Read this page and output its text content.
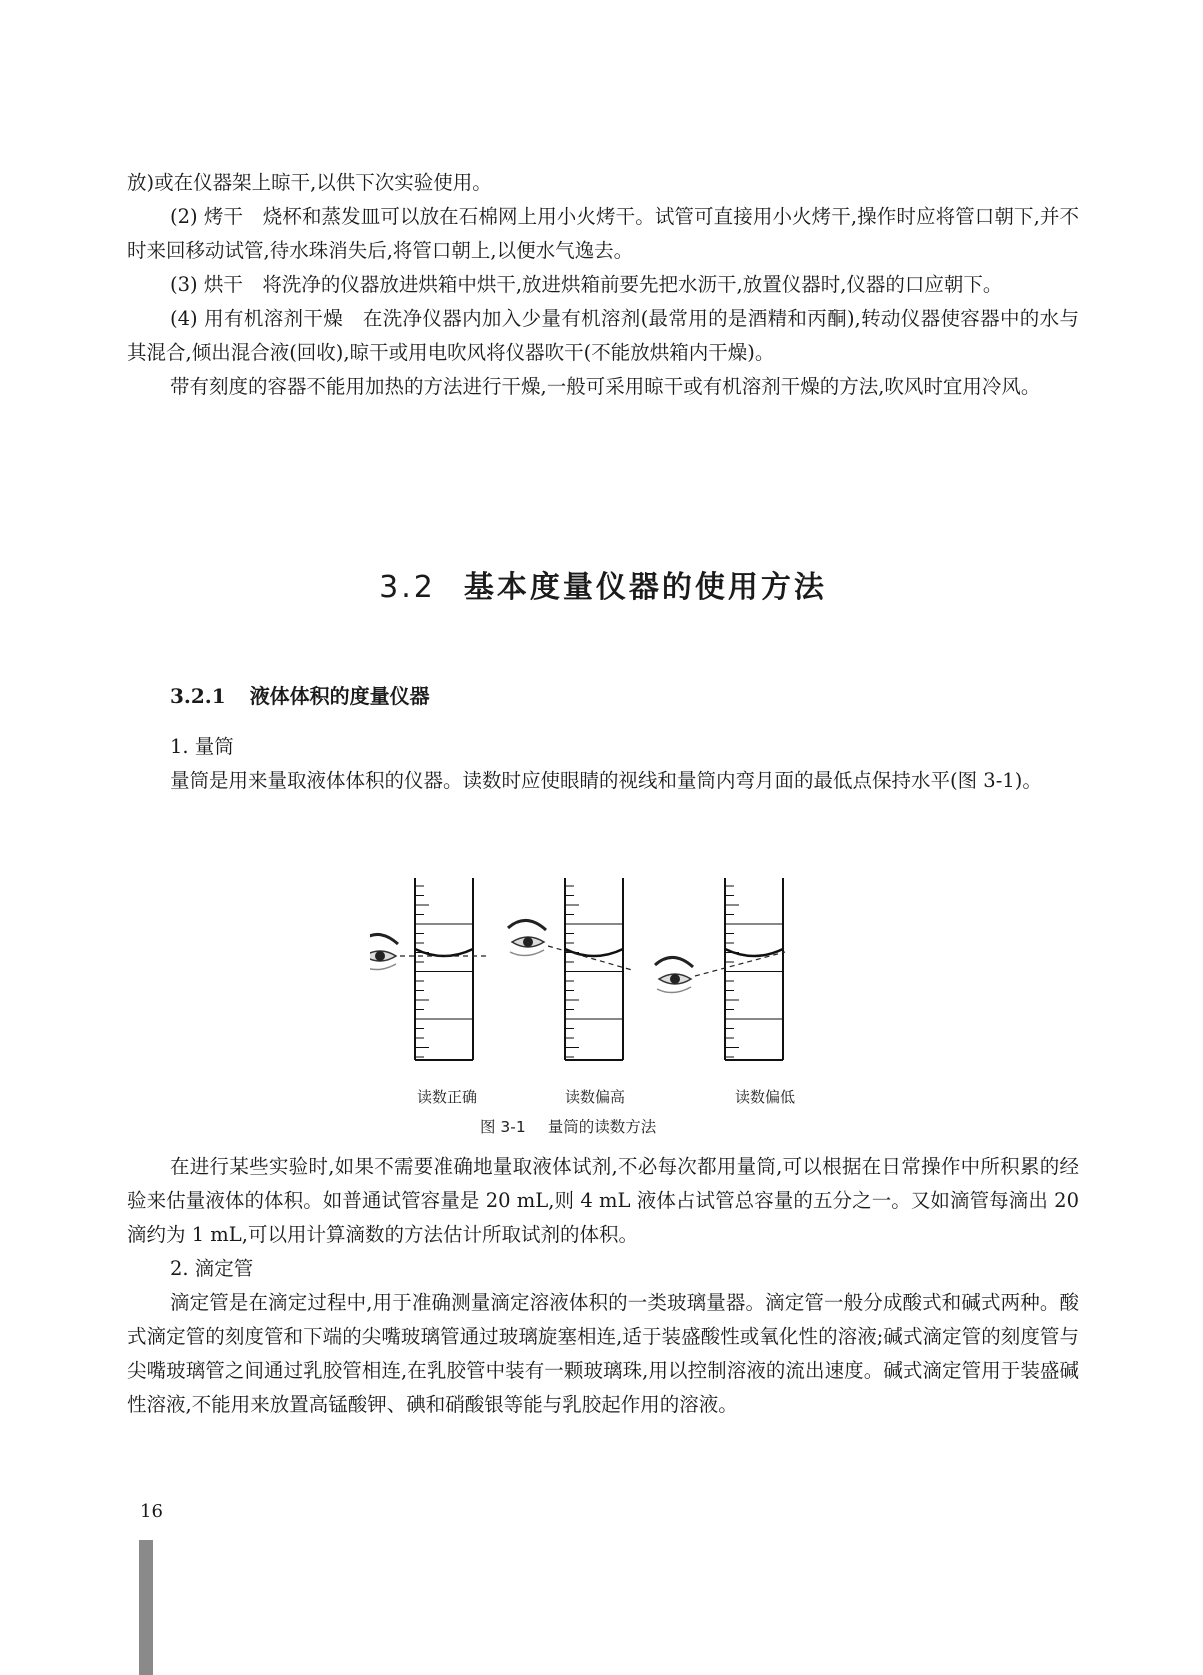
放)或在仪器架上晾干,以供下次实验使用。

(2) 烤干　烧杯和蒸发皿可以放在石棉网上用小火烤干。试管可直接用小火烤干,操作时应将管口朝下,并不时来回移动试管,待水珠消失后,将管口朝上,以便水气逸去。

(3) 烘干　将洗净的仪器放进烘箱中烘干,放进烘箱前要先把水沥干,放置仪器时,仪器的口应朝下。

(4) 用有机溶剂干燥　在洗净仪器内加入少量有机溶剂(最常用的是酒精和丙酮),转动仪器使容器中的水与其混合,倾出混合液(回收),晾干或用电吹风将仪器吹干(不能放烘箱内干燥)。

带有刻度的容器不能用加热的方法进行干燥,一般可采用晾干或有机溶剂干燥的方法,吹风时宜用冷风。

3.2 基本度量仪器的使用方法
3.2.1 液体体积的度量仪器

1. 量筒

量筒是用来量取液体体积的仪器。读数时应使眼睛的视线和量筒内弯月面的最低点保持水平(图 3-1)。

读数正确	读数偏高	读数偏低
图 3-1 量筒的读数方法

在进行某些实验时,如果不需要准确地量取液体试剂,不必每次都用量筒,可以根据在日常操作中所积累的经验来估量液体的体积。如普通试管容量是 20 mL,则 4 mL 液体占试管总容量的五分之一。又如滴管每滴出 20 滴约为 1 mL,可以用计算滴数的方法估计所取试剂的体积。

2. 滴定管

滴定管是在滴定过程中,用于准确测量滴定溶液体积的一类玻璃量器。滴定管一般分成酸式和碱式两种。酸式滴定管的刻度管和下端的尖嘴玻璃管通过玻璃旋塞相连,适于装盛酸性或氧化性的溶液;碱式滴定管的刻度管与尖嘴玻璃管之间通过乳胶管相连,在乳胶管中装有一颗玻璃珠,用以控制溶液的流出速度。碱式滴定管用于装盛碱性溶液,不能用来放置高锰酸钾、碘和硝酸银等能与乳胶起作用的溶液。

16
